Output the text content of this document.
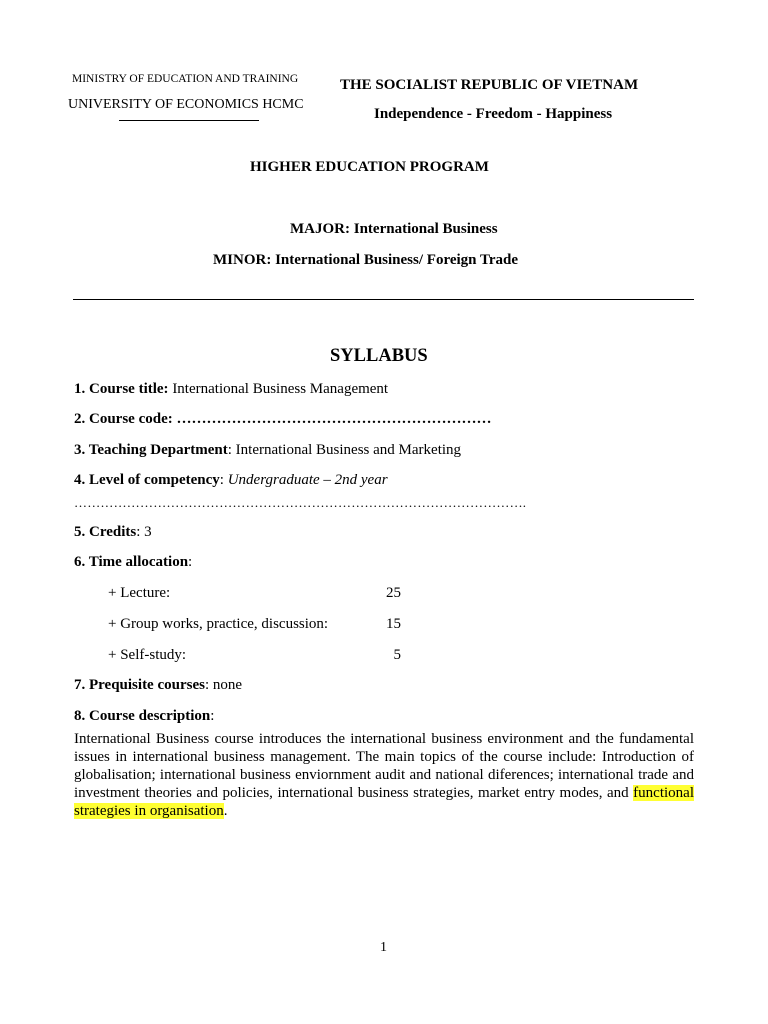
MINISTRY OF EDUCATION AND TRAINING
UNIVERSITY OF ECONOMICS HCMC
THE SOCIALIST REPUBLIC OF VIETNAM
Independence - Freedom - Happiness
HIGHER EDUCATION PROGRAM
MAJOR: International Business
MINOR: International Business/ Foreign Trade
SYLLABUS
1. Course title: International Business Management
2. Course code: ………………………………………………………
3. Teaching Department: International Business and Marketing
4. Level of competency: Undergraduate – 2nd year
………………………………………………………………………………………….
5. Credits: 3
6. Time allocation:
+ Lecture:	25
+ Group works, practice, discussion:	15
+ Self-study:	5
7. Prequisite courses: none
8. Course description:
International Business course introduces the international business environment and the fundamental issues in international business management. The main topics of the course include: Introduction of globalisation; international business enviornment audit and national diferences; international trade and investment theories and policies, international business strategies, market entry modes, and functional strategies in organisation.
1
